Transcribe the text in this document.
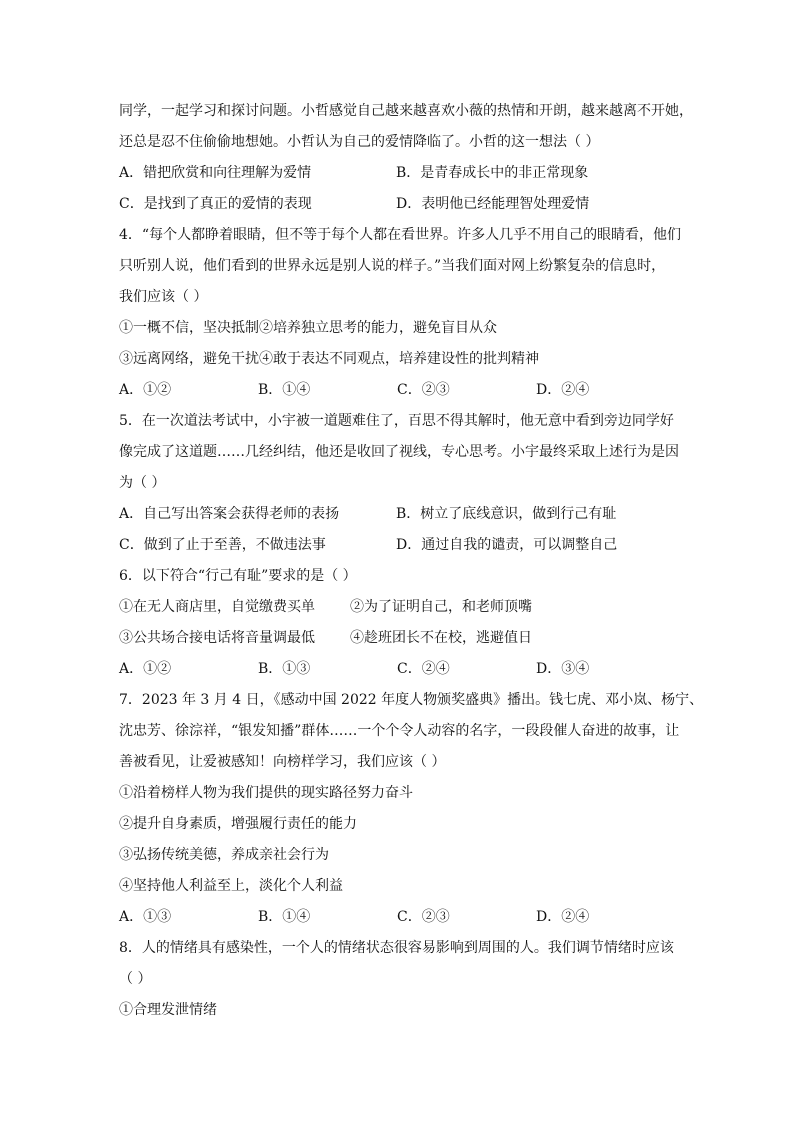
同学，一起学习和探讨问题。小哲感觉自己越来越喜欢小薇的热情和开朗，越来越离不开她，
还总是忍不住偷偷地想她。小哲认为自己的爱情降临了。小哲的这一想法（ ）
A．错把欣赏和向往理解为爱情	B．是青春成长中的非正常现象
C．是找到了真正的爱情的表现	D．表明他已经能理智处理爱情
4．“每个人都睁着眼睛，但不等于每个人都在看世界。许多人几乎不用自己的眼睛看，他们
只听别人说，他们看到的世界永远是别人说的样子。”当我们面对网上纷繁复杂的信息时，
我们应该（ ）
①一概不信，坚决抵制②培养独立思考的能力，避免盲目从众
③远离网络，避免干扰④敢于表达不同观点，培养建设性的批判精神
A．①②	B．①④	C．②③	D．②④
5．在一次道法考试中，小宇被一道题难住了，百思不得其解时，他无意中看到旁边同学好
像完成了这道题……几经纠结，他还是收回了视线，专心思考。小宇最终采取上述行为是因
为（ ）
A．自己写出答案会获得老师的表扬	B．树立了底线意识，做到行己有耻
C．做到了止于至善，不做违法事	D．通过自我的谴责，可以调整自己
6．以下符合“行己有耻”要求的是（ ）
①在无人商店里，自觉缴费买单	②为了证明自己，和老师顶嘴
③公共场合接电话将音量调最低	④趁班团长不在校，逃避值日
A．①②	B．①③	C．②④	D．③④
7．2023 年 3 月 4 日，《感动中国 2022 年度人物颁奖盛典》播出。钱七虎、邓小岚、杨宁、
沈忠芳、徐淙祥，“银发知播”群体……一个个令人动容的名字，一段段催人奋进的故事，让
善被看见，让爱被感知！向榜样学习，我们应该（ ）
①沿着榜样人物为我们提供的现实路径努力奋斗
②提升自身素质，增强履行责任的能力
③弘扬传统美德，养成亲社会行为
④坚持他人利益至上，淡化个人利益
A．①③	B．①④	C．②③	D．②④
8．人的情绪具有感染性，一个人的情绪状态很容易影响到周围的人。我们调节情绪时应该
（ ）
①合理发泄情绪
